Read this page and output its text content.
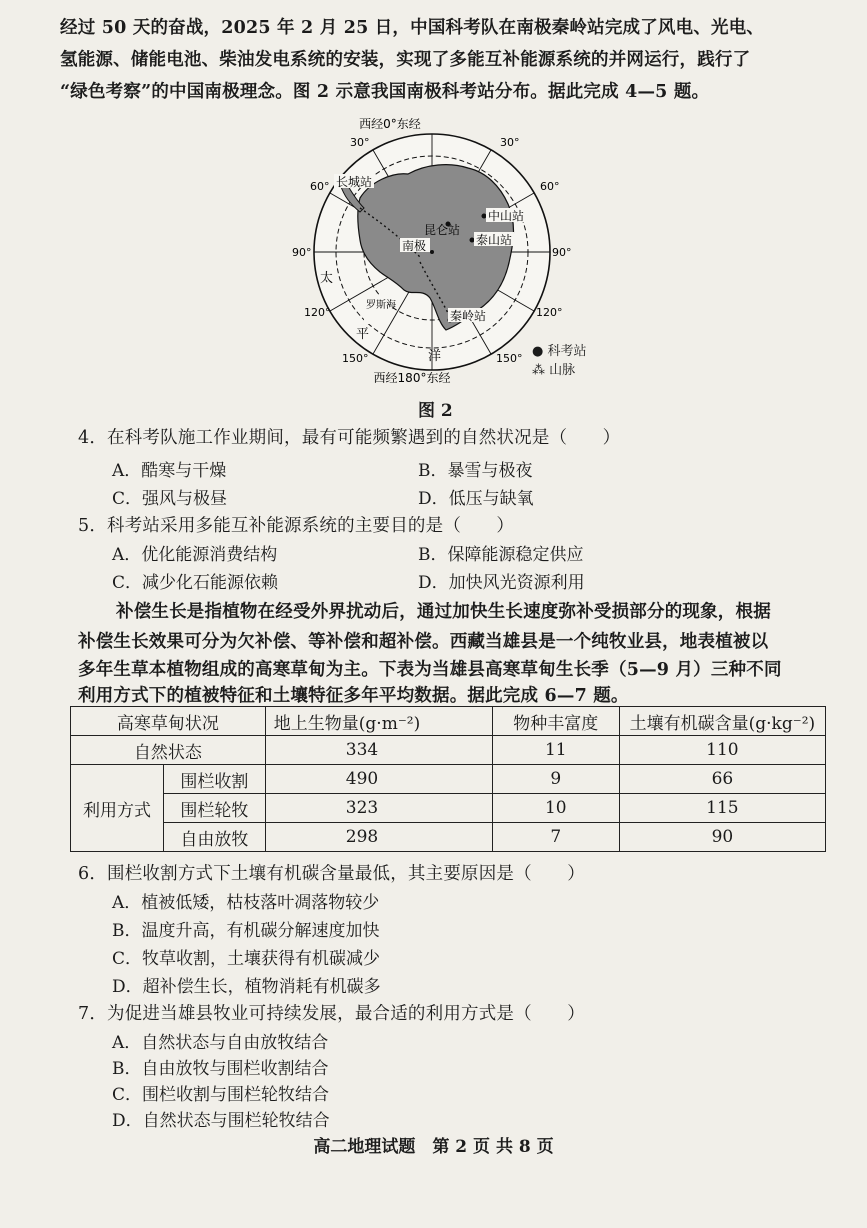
经过 50 天的奋战，2025 年 2 月 25 日，中国科考队在南极秦岭站完成了风电、光电、
氢能源、储能电池、柴油发电系统的安装，实现了多能互补能源系统的并网运行，践行了
“绿色考察”的中国南极理念。图 2 示意我国南极科考站分布。据此完成 4—5 题。
西经0°东经
30°	30°
60°	60°
90°	90°
120°	120°
150°	150°
西经180°东经
长城站
中山站
昆仑站
泰山站
南极
秦岭站
罗斯海
太
平
洋	● 科考站
⁂ 山脉
图 2
4．在科考队施工作业期间，最有可能频繁遇到的自然状况是（　　）
A．酷寒与干燥	B．暴雪与极夜
C．强风与极昼	D．低压与缺氧
5．科考站采用多能互补能源系统的主要目的是（　　）
A．优化能源消费结构	B．保障能源稳定供应
C．减少化石能源依赖	D．加快风光资源利用
补偿生长是指植物在经受外界扰动后，通过加快生长速度弥补受损部分的现象，根据
补偿生长效果可分为欠补偿、等补偿和超补偿。西藏当雄县是一个纯牧业县，地表植被以
多年生草本植物组成的高寒草甸为主。下表为当雄县高寒草甸生长季（5—9 月）三种不同
利用方式下的植被特征和土壤特征多年平均数据。据此完成 6—7 题。
高寒草甸状况		地上生物量(g·m⁻²)	物种丰富度	土壤有机碳含量(g·kg⁻²)
自然状态		334	11	110
利用方式	围栏收割	490	9	66
	围栏轮牧	323	10	115
	自由放牧	298	7	90
6．围栏收割方式下土壤有机碳含量最低，其主要原因是（　　）
A．植被低矮，枯枝落叶凋落物较少
B．温度升高，有机碳分解速度加快
C．牧草收割，土壤获得有机碳减少
D．超补偿生长，植物消耗有机碳多
7．为促进当雄县牧业可持续发展，最合适的利用方式是（　　）
A．自然状态与自由放牧结合
B．自由放牧与围栏收割结合
C．围栏收割与围栏轮牧结合
D．自然状态与围栏轮牧结合
高二地理试题　第 2 页 共 8 页
